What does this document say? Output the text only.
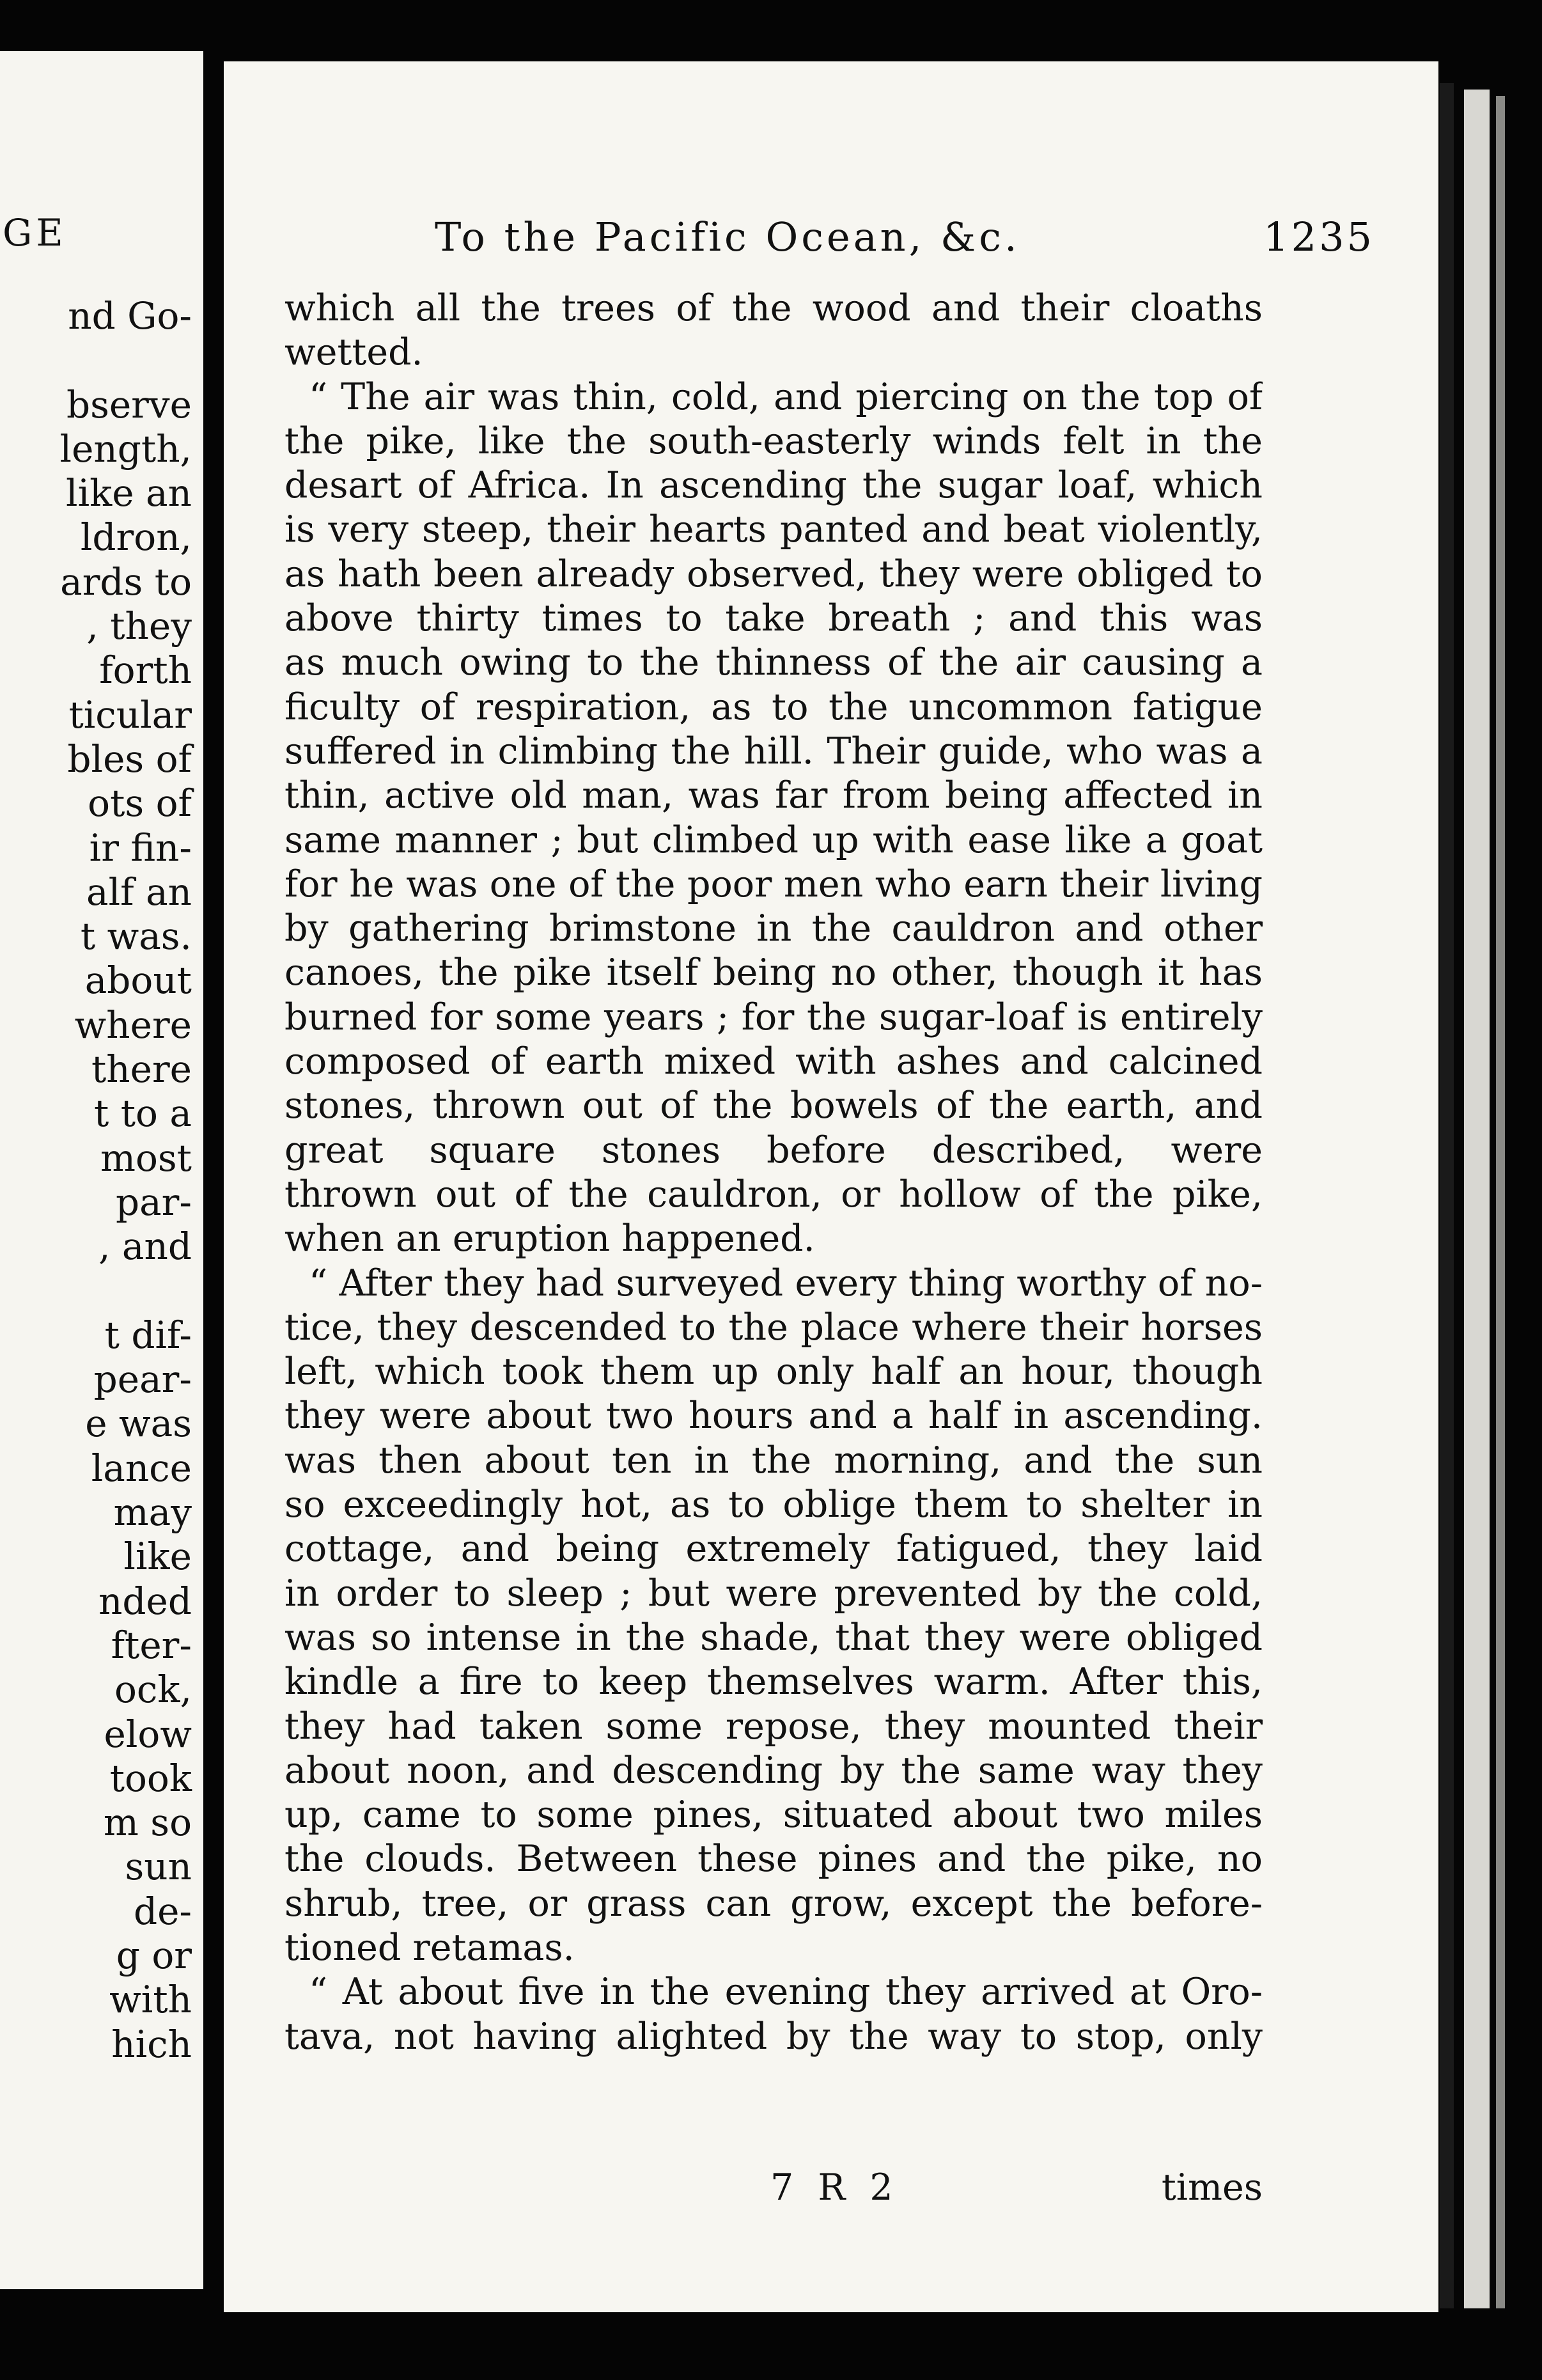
GE
nd Go-
bserve
length,
like an
ldron,
ards to
, they
forth
ticular
bles of
ots of
ir fin-
alf an
t was.
about
where
there
t to a
most
par-
, and
t dif-
pear-
e was
lance
may
like
nded
fter-
ock,
elow
took
m so
sun
de-
g or
with
hich
To the Pacific Ocean, &c.	1235
which all the trees of the wood and their cloaths
wetted.
“ The air was thin, cold, and piercing on the top of
the pike, like the south-easterly winds felt in the
desart of Africa. In ascending the sugar loaf, which
is very steep, their hearts panted and beat violently,
as hath been already observed, they were obliged to
above thirty times to take breath ; and this was
as much owing to the thinness of the air causing a
ficulty of respiration, as to the uncommon fatigue
suffered in climbing the hill. Their guide, who was a
thin, active old man, was far from being affected in
same manner ; but climbed up with ease like a goat
for he was one of the poor men who earn their living
by gathering brimstone in the cauldron and other
canoes, the pike itself being no other, though it has
burned for some years ; for the sugar-loaf is entirely
composed of earth mixed with ashes and calcined
stones, thrown out of the bowels of the earth, and
great square stones before described, were
thrown out of the cauldron, or hollow of the pike,
when an eruption happened.
“ After they had surveyed every thing worthy of no-
tice, they descended to the place where their horses
left, which took them up only half an hour, though
they were about two hours and a half in ascending.
was then about ten in the morning, and the sun
so exceedingly hot, as to oblige them to shelter in
cottage, and being extremely fatigued, they laid
in order to sleep ; but were prevented by the cold,
was so intense in the shade, that they were obliged
kindle a fire to keep themselves warm. After this,
they had taken some repose, they mounted their
about noon, and descending by the same way they
up, came to some pines, situated about two miles
the clouds. Between these pines and the pike, no
shrub, tree, or grass can grow, except the before-
tioned retamas.
“ At about five in the evening they arrived at Oro-
tava, not having alighted by the way to stop, only
7 R 2	times
